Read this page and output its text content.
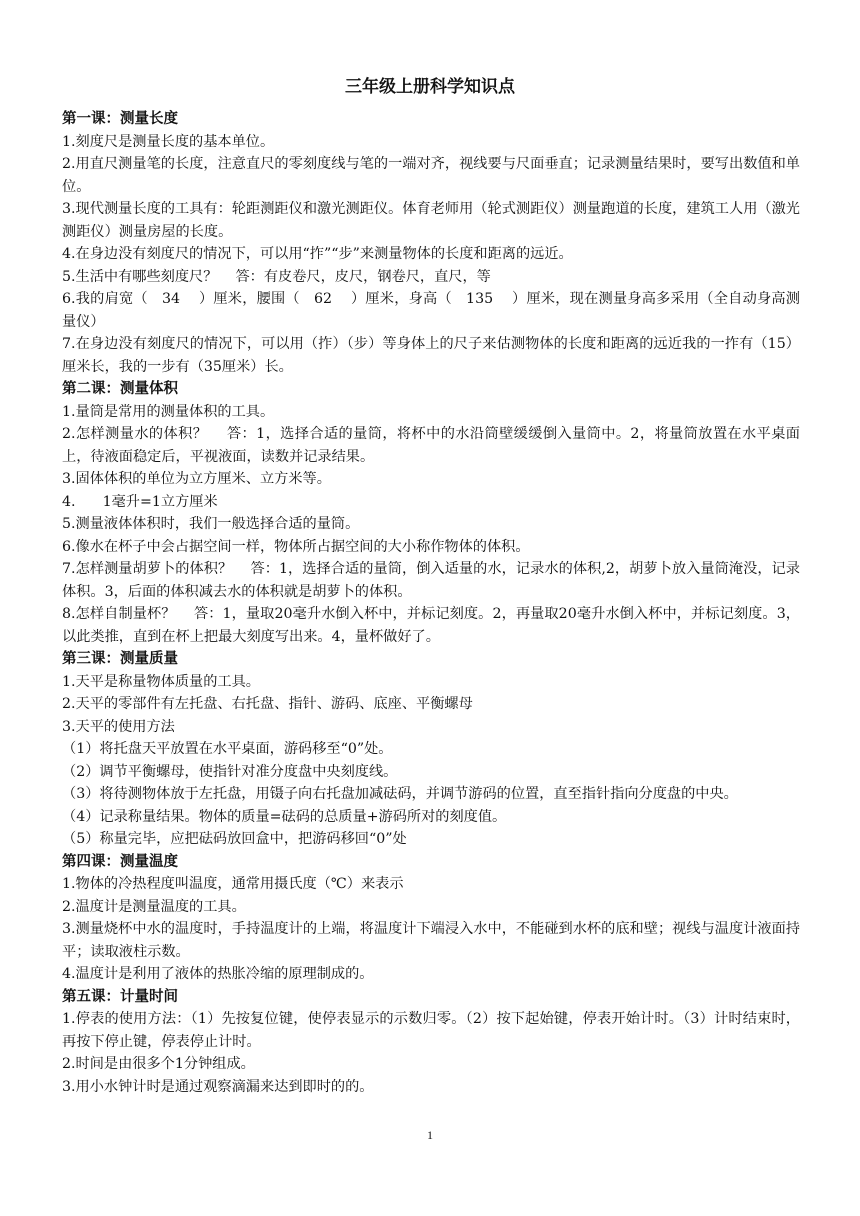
三年级上册科学知识点
第一课：测量长度

1.刻度尺是测量长度的基本单位。

2.用直尺测量笔的长度，注意直尺的零刻度线与笔的一端对齐，视线要与尺面垂直；记录测量结果时，要写出数值和单位。

3.现代测量长度的工具有：轮距测距仪和激光测距仪。体育老师用（轮式测距仪）测量跑道的长度，建筑工人用（激光测距仪）测量房屋的长度。

4.在身边没有刻度尺的情况下，可以用“拃”“步”来测量物体的长度和距离的远近。

5.生活中有哪些刻度尺？    答：有皮卷尺，皮尺，钢卷尺，直尺，等

6.我的肩宽（   34    ）厘米，腰围（   62    ）厘米，身高（   135    ）厘米，现在测量身高多采用（全自动身高测量仪）

7.在身边没有刻度尺的情况下，可以用（拃）（步）等身体上的尺子来估测物体的长度和距离的远近我的一拃有（15）厘米长，我的一步有（35厘米）长。

第二课：测量体积

1.量筒是常用的测量体积的工具。

2.怎样测量水的体积？    答：1，选择合适的量筒，将杯中的水沿筒壁缓缓倒入量筒中。2，将量筒放置在水平桌面上，待液面稳定后，平视液面，读数并记录结果。

3.固体体积的单位为立方厘米、立方米等。

4.      1毫升=1立方厘米

5.测量液体体积时，我们一般选择合适的量筒。

6.像水在杯子中会占据空间一样，物体所占据空间的大小称作物体的体积。

7.怎样测量胡萝卜的体积？    答：1，选择合适的量筒，倒入适量的水，记录水的体积,2，胡萝卜放入量筒淹没，记录体积。3，后面的体积减去水的体积就是胡萝卜的体积。

8.怎样自制量杯？    答：1，量取20毫升水倒入杯中，并标记刻度。2，再量取20毫升水倒入杯中，并标记刻度。3，以此类推，直到在杯上把最大刻度写出来。4，量杯做好了。

第三课：测量质量

1.天平是称量物体质量的工具。

2.天平的零部件有左托盘、右托盘、指针、游码、底座、平衡螺母

3.天平的使用方法

（1）将托盘天平放置在水平桌面，游码移至“0”处。

（2）调节平衡螺母，使指针对准分度盘中央刻度线。

（3）将待测物体放于左托盘，用镊子向右托盘加减砝码，并调节游码的位置，直至指针指向分度盘的中央。

（4）记录称量结果。物体的质量=砝码的总质量+游码所对的刻度值。

（5）称量完毕，应把砝码放回盒中，把游码移回“0”处

第四课：测量温度

1.物体的冷热程度叫温度，通常用摄氏度（℃）来表示

2.温度计是测量温度的工具。

3.测量烧杯中水的温度时，手持温度计的上端，将温度计下端浸入水中，不能碰到水杯的底和壁；视线与温度计液面持平；读取液柱示数。

4.温度计是利用了液体的热胀冷缩的原理制成的。

第五课：计量时间

1.停表的使用方法：（1）先按复位键，使停表显示的示数归零。（2）按下起始键，停表开始计时。（3）计时结束时，再按下停止键，停表停止计时。

2.时间是由很多个1分钟组成。

3.用小水钟计时是通过观察滴漏来达到即时的的。

1
